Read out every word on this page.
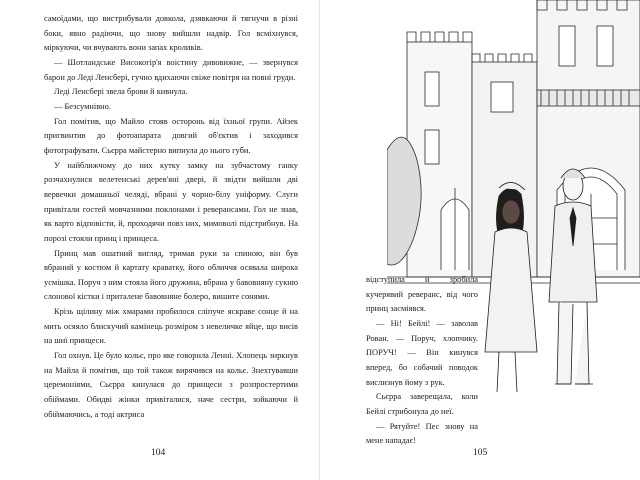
самоїдами, що вистрибували довкола, дзявкаючи й тягнучи в різні боки, явно радіючи, що знову вийшли надвір. Гол всміхнувся, міркуючи, чи вчувають вони запах кроликів.

— Шотландське Високогір'я воістину дивовижне, — звернувся барон до Леді Ленсбері, гучно вдихаючи свіже повітря на повні груди.

Леді Ленсбері звела брови й кивнула.

— Безсумнівно.

Гол помітив, що Майло стояв осторонь від їхньої групи. Айзек пригвинтив до фотоапарата довгий об'єктив і заходився фотографувати. Сьєрра майстерно випнула до нього губи.

У найближчому до них кутку замку на зубчастому ганку розчахнулися велетенські дерев'яні двері, й звідти вийшли дві вервечки домашньої челяді, вбрані у чорно-білу уніформу. Слуги привітали гостей мовчазними поклонами і реверансами. Гол не знав, як варто відповісти, й, проходячи повз них, мимоволі підстрибнув. На порозі стояли принц і принцеса.

Принц мав ошатний вигляд, тримав руки за спиною, він був вбраний у костюм й картату краватку, його обличчя осявала широка усмішка. Поруч з ним стояла його дружина, вбрана у бавовняну сукню слонової кістки і приталене бавовняне болеро, вишите сонями.

Крізь щілину між хмарами пробилося сліпуче яскраве сонце й на мить осяяло блискучий камінець розміром з невеличке яйце, що висів на шиї принцеси.

Гол охнув. Це було кольє, про яке говорила Ленні. Хлопець зиркнув на Майла й помітив, що той також вирячився на кольє. Знехтувавши церемоніями, Сьєрра кинулася до принцеси з розпростертими обіймами. Обидві жінки привіталися, наче сестри, зойкаючи й обіймаючись, а тоді актриса

104	105

відступила й зробила кучерявий реверанс, від чого принц засміявся.

— Ні! Бейлі! — заволав Рован. — Поруч, хлопчику. ПОРУЧ! — Він кинувся вперед, бо собачий поводок вислизнув йому з рук.

Сьєрра заверещала, коли Бейлі стрибонула до неї.

— Рятуйте! Пес знову на мене нападає!
